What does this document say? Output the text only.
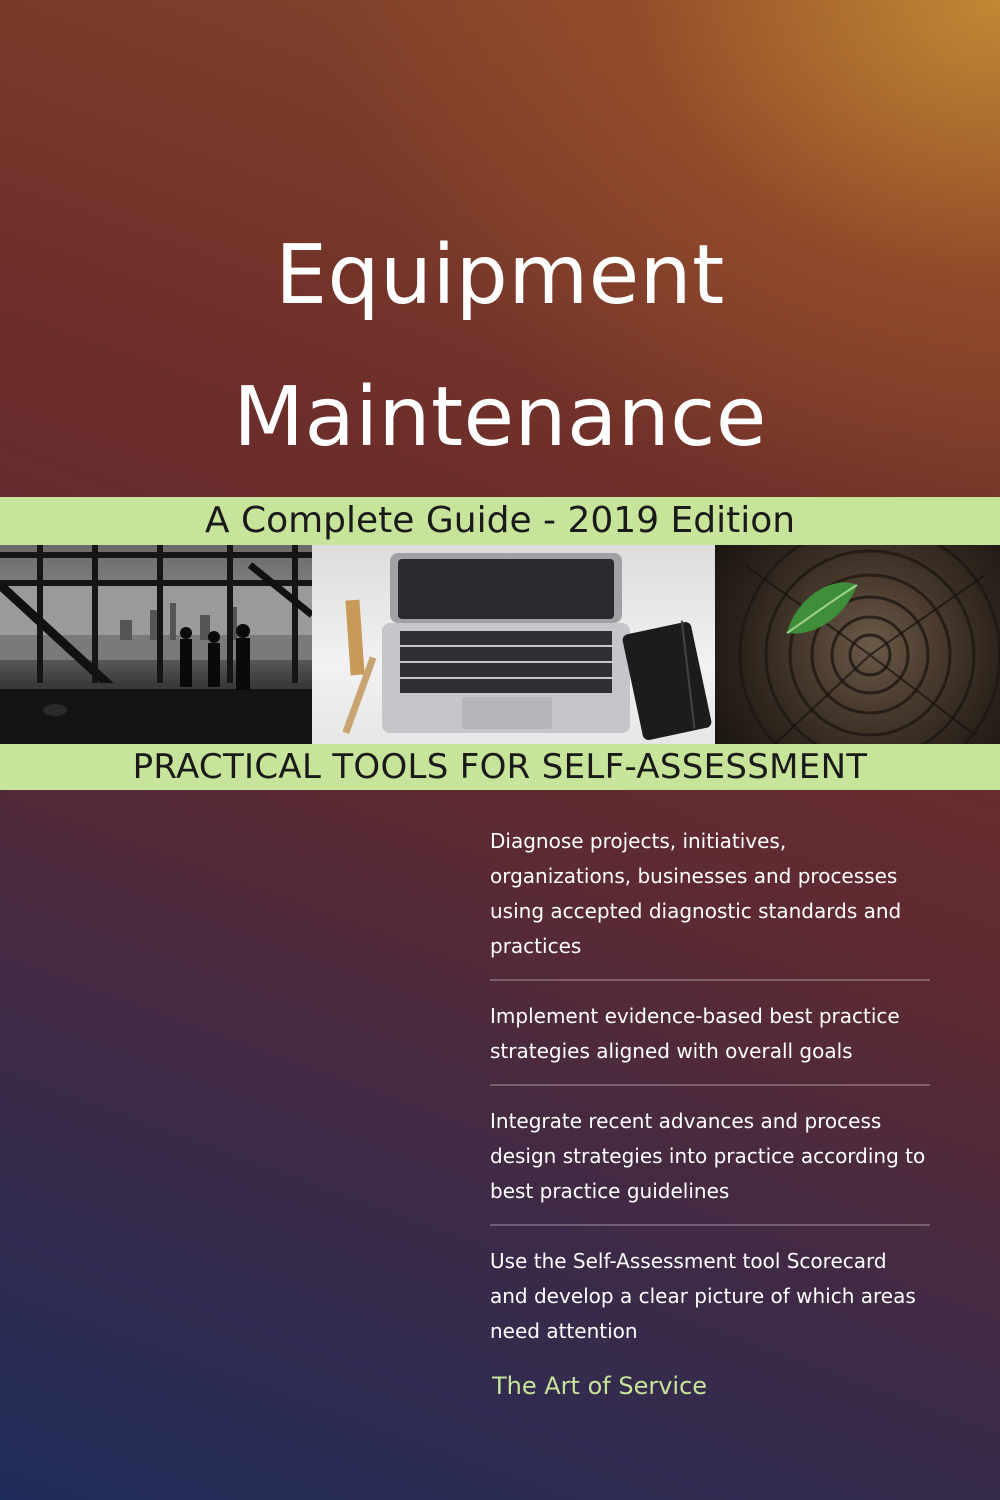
Equipment
Maintenance
A Complete Guide - 2019 Edition
PRACTICAL TOOLS FOR SELF-ASSESSMENT
Diagnose projects, initiatives, organizations, businesses and processes using accepted diagnostic standards and practices
Implement evidence-based best practice strategies aligned with overall goals
Integrate recent advances and process design strategies into practice according to best practice guidelines
Use the Self-Assessment tool Scorecard and develop a clear picture of which areas need attention
The Art of Service
